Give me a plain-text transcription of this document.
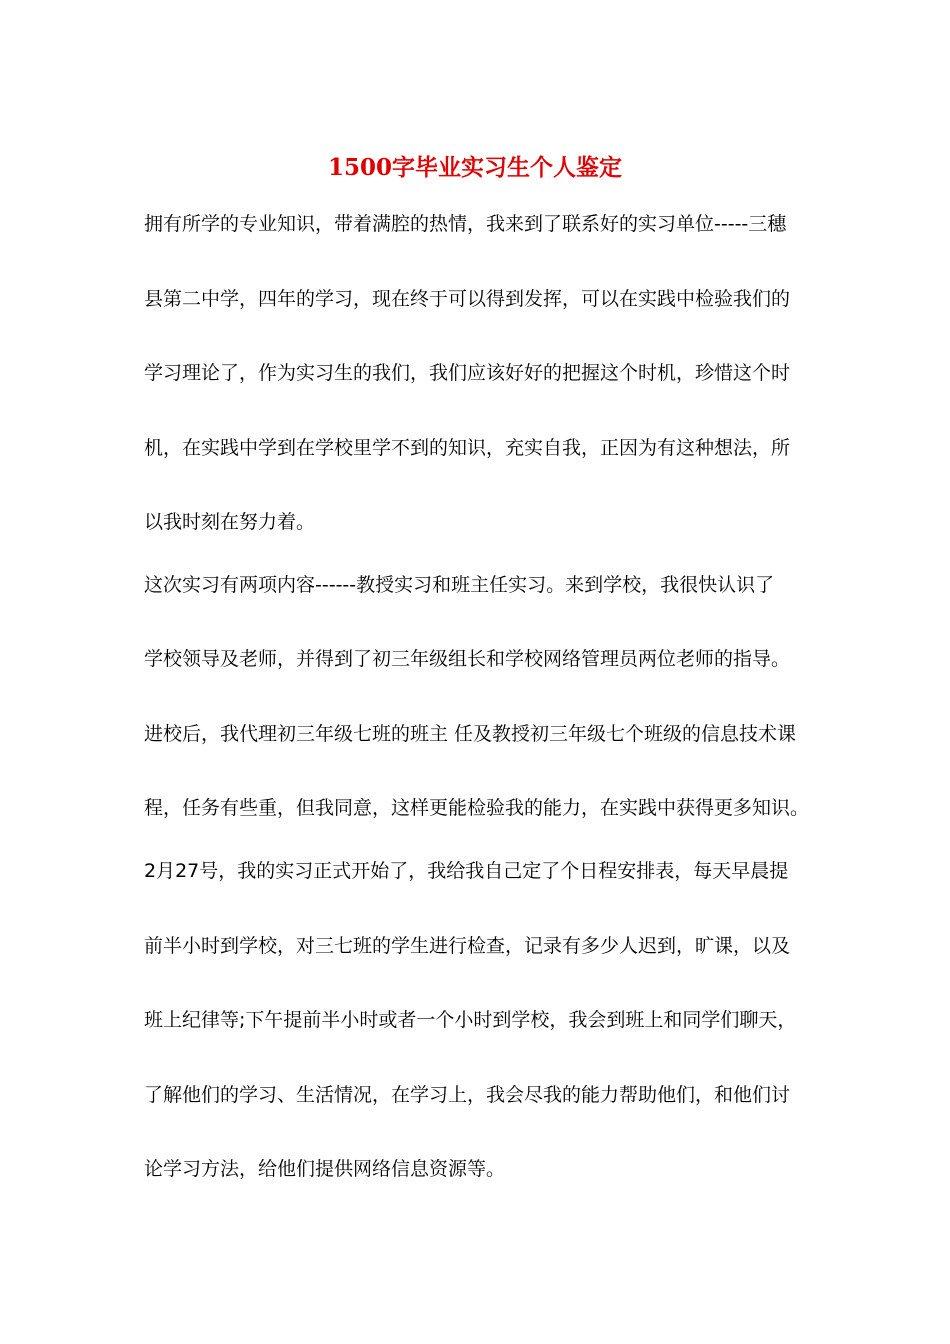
1500字毕业实习生个人鉴定
拥有所学的专业知识，带着满腔的热情，我来到了联系好的实习单位-----三穗
县第二中学，四年的学习，现在终于可以得到发挥，可以在实践中检验我们的
学习理论了，作为实习生的我们，我们应该好好的把握这个时机，珍惜这个时
机，在实践中学到在学校里学不到的知识，充实自我，正因为有这种想法，所
以我时刻在努力着。
这次实习有两项内容------教授实习和班主任实习。来到学校，我很快认识了
学校领导及老师，并得到了初三年级组长和学校网络管理员两位老师的指导。
进校后，我代理初三年级七班的班主 任及教授初三年级七个班级的信息技术课
程，任务有些重，但我同意，这样更能检验我的能力，在实践中获得更多知识。
2月27号，我的实习正式开始了，我给我自己定了个日程安排表，每天早晨提
前半小时到学校，对三七班的学生进行检查，记录有多少人迟到，旷课，以及
班上纪律等;下午提前半小时或者一个小时到学校，我会到班上和同学们聊天，
了解他们的学习、生活情况，在学习上，我会尽我的能力帮助他们，和他们讨
论学习方法，给他们提供网络信息资源等。
